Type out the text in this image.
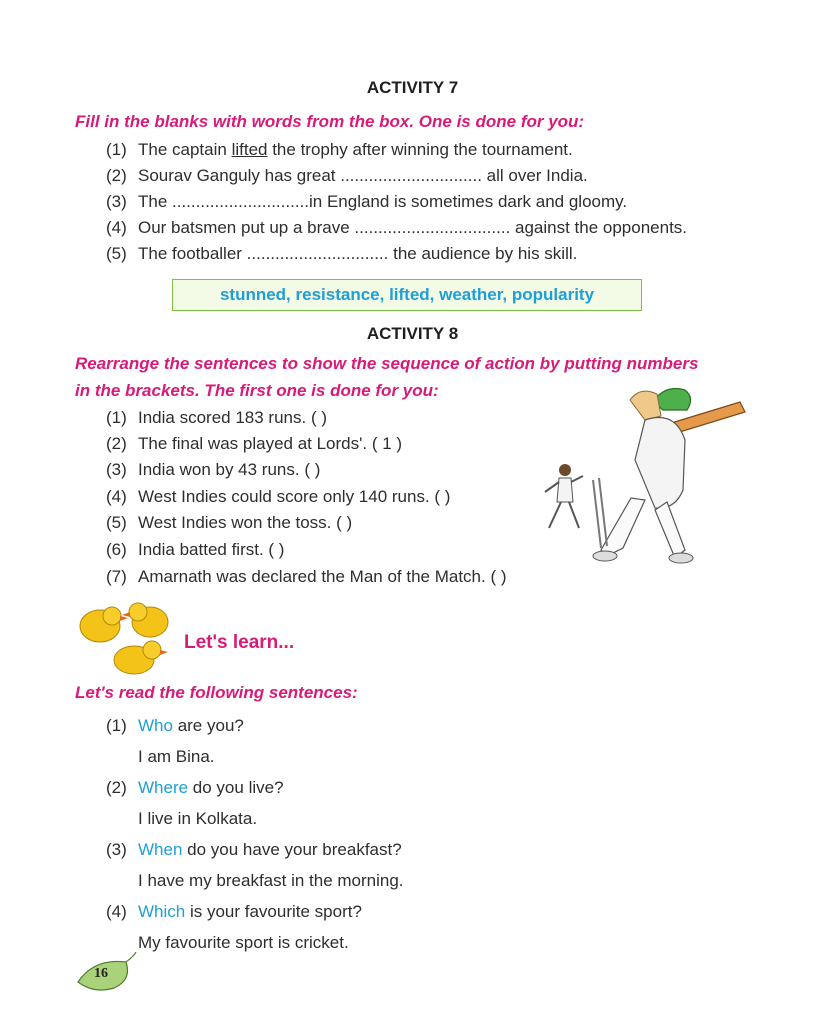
ACTIVITY 7
Fill in the blanks with words from the box. One is done for you:
(1) The captain lifted the trophy after winning the tournament.
(2) Sourav Ganguly has great .............................. all over India.
(3) The .............................in England is sometimes dark and gloomy.
(4) Our batsmen put up a brave ................................. against the opponents.
(5) The footballer .............................. the audience by his skill.
stunned, resistance, lifted, weather, popularity
ACTIVITY 8
Rearrange the sentences to show the sequence of action by putting numbers
in the brackets. The first one is done for you:
(1) India scored 183 runs. ( )
(2) The final was played at Lords'. ( 1 )
(3) India won by 43 runs. ( )
(4) West Indies could score only 140 runs. ( )
(5) West Indies won the toss. ( )
(6) India batted first. ( )
(7) Amarnath was declared the Man of the Match. ( )
Let's learn...
Let's read the following sentences:
(1) Who are you?
I am Bina.
(2) Where do you live?
I live in Kolkata.
(3) When do you have your breakfast?
I have my breakfast in the morning.
(4) Which is your favourite sport?
My favourite sport is cricket.
16
